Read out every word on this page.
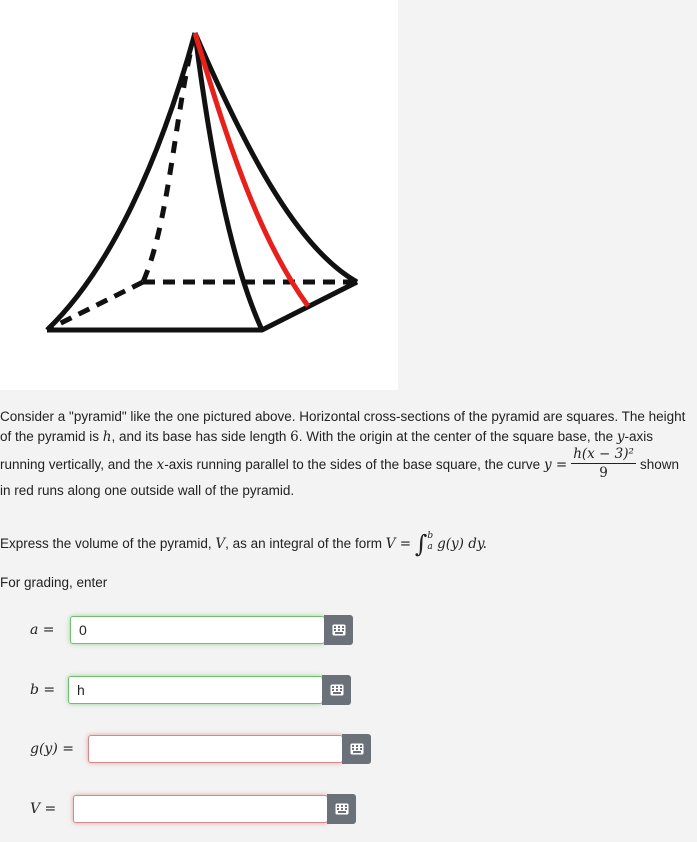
Consider a "pyramid" like the one pictured above. Horizontal cross-sections of the pyramid are squares. The height
of the pyramid is h, and its base has side length 6. With the origin at the center of the square base, the y-axis
running vertically, and the x-axis running parallel to the sides of the base square, the curve $y = \frac{\text{h(x − 3)²}}{9}$ shown
in red runs along one outside wall of the pyramid.
Express the volume of the pyramid, V, as an integral of the form V = ∫ b
a g(y) dy.
For grading, enter
a =
0
b =
h
g(y) =
V =
